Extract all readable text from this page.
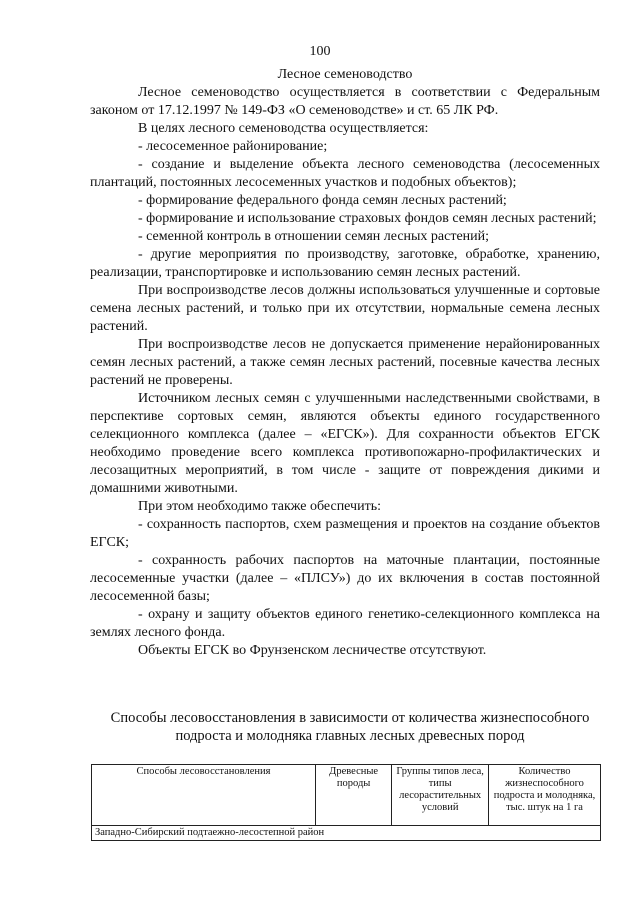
100

Лесное семеноводство

Лесное семеноводство осуществляется в соответствии с Федеральным законом от 17.12.1997 № 149-ФЗ «О семеноводстве» и ст. 65 ЛК РФ.

В целях лесного семеноводства осуществляется:

- лесосеменное районирование;

- создание и выделение объекта лесного семеноводства (лесосеменных плантаций, постоянных лесосеменных участков и подобных объектов);

- формирование федерального фонда семян лесных растений;

- формирование и использование страховых фондов семян лесных растений;

- семенной контроль в отношении семян лесных растений;

- другие мероприятия по производству, заготовке, обработке, хранению, реализации, транспортировке и использованию семян лесных растений.

При воспроизводстве лесов должны использоваться улучшенные и сортовые семена лесных растений, и только при их отсутствии, нормальные семена лесных растений.

При воспроизводстве лесов не допускается применение нерайонированных семян лесных растений, а также семян лесных растений, посевные качества лесных растений не проверены.

Источником лесных семян с улучшенными наследственными свойствами, в перспективе сортовых семян, являются объекты единого государственного селекционного комплекса (далее – «ЕГСК»). Для сохранности объектов ЕГСК необходимо проведение всего комплекса противопожарно-профилактических и лесозащитных мероприятий, в том числе - защите от повреждения дикими и домашними животными.

При этом необходимо также обеспечить:

- сохранность паспортов, схем размещения и проектов на создание объектов ЕГСК;

- сохранность рабочих паспортов на маточные плантации, постоянные лесосеменные участки (далее – «ПЛСУ») до их включения в состав постоянной лесосеменной базы;

- охрану и защиту объектов единого генетико-селекционного комплекса на землях лесного фонда.

Объекты ЕГСК во Фрунзенском лесничестве отсутствуют.

Способы лесовосстановления в зависимости от количества жизнеспособного
подроста и молодняка главных лесных древесных пород
Способы лесовосстановления	Древесные породы	Группы типов леса, типы лесорастительных условий	Количество жизнеспособного подроста и молодняка, тыс. штук на 1 га
Западно-Сибирский подтаежно-лесостепной район
